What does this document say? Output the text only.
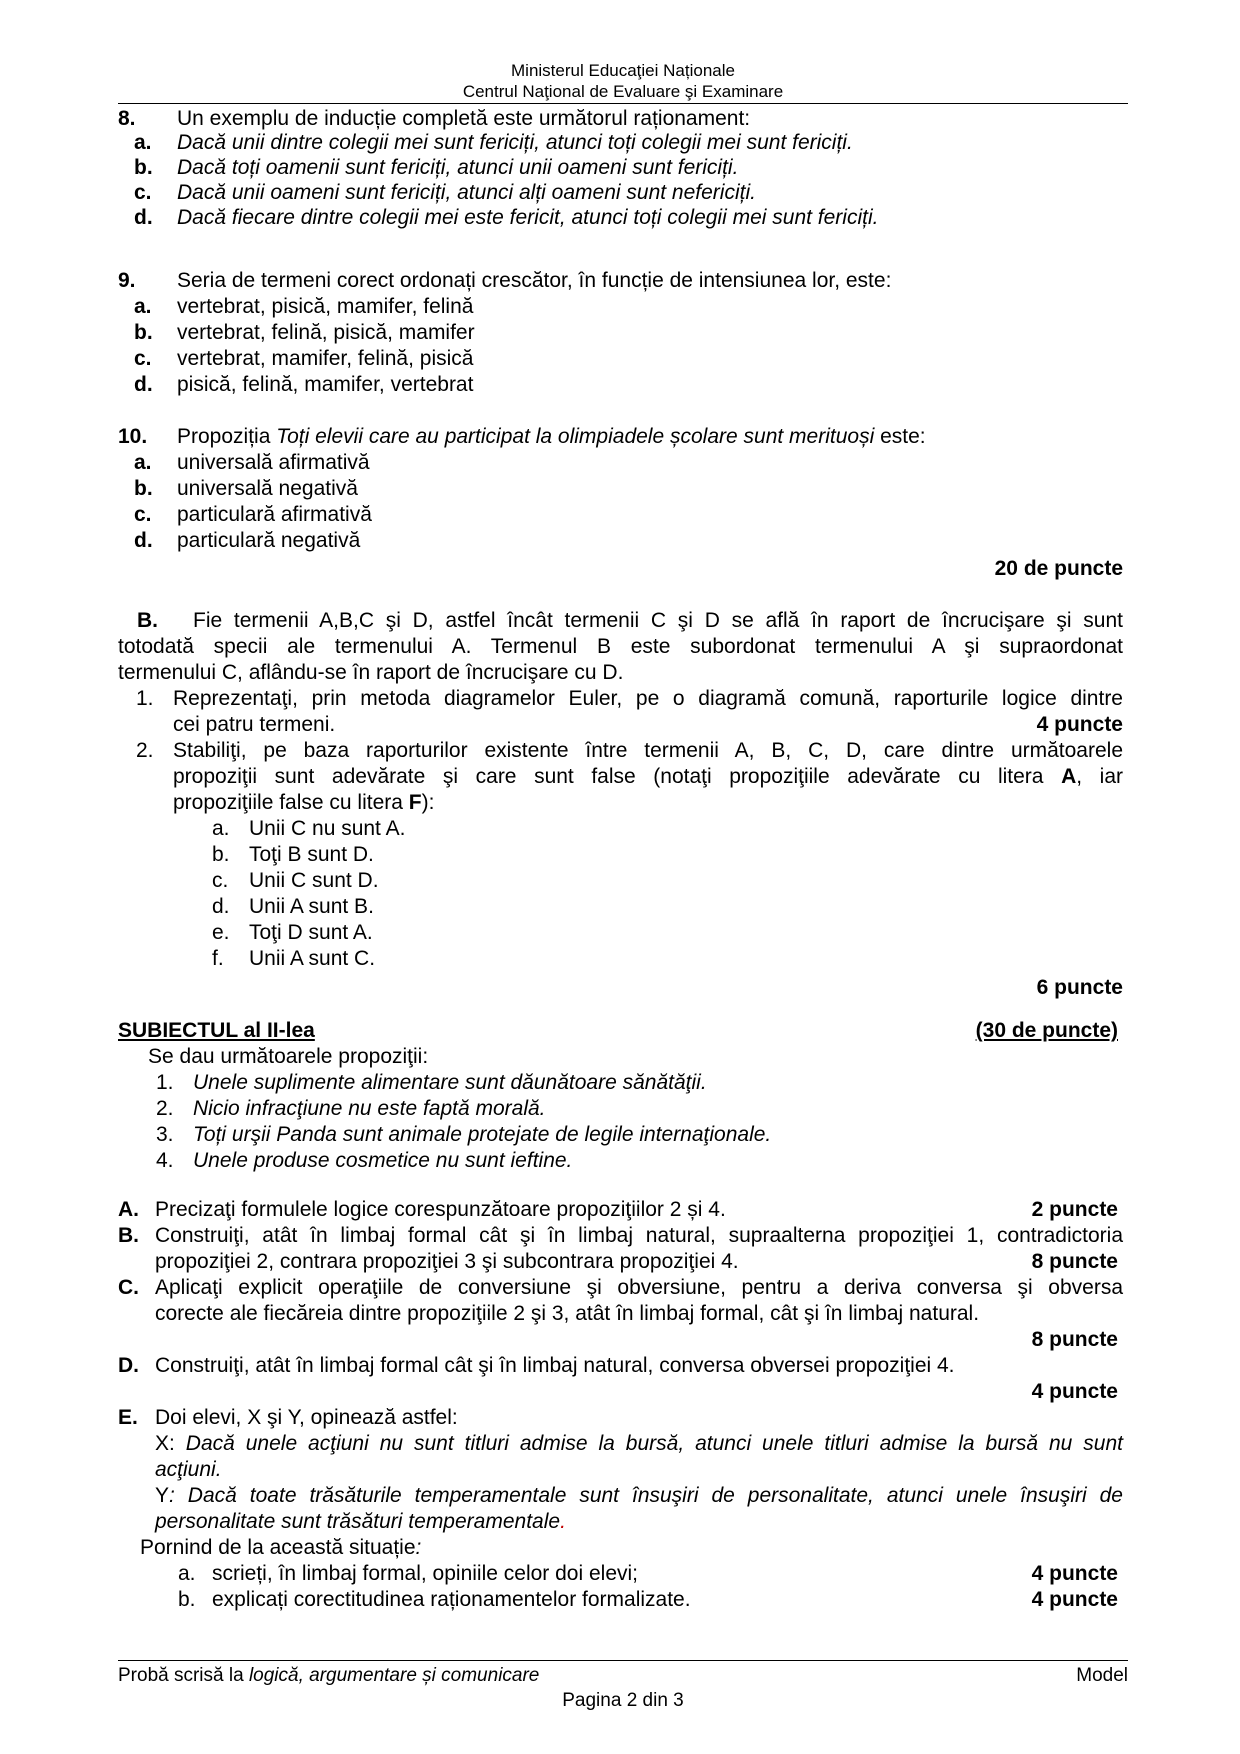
Ministerul Educaţiei Naționale
Centrul Naţional de Evaluare şi Examinare
8. Un exemplu de inducție completă este următorul raționament:
a. Dacă unii dintre colegii mei sunt fericiți, atunci toți colegii mei sunt fericiți.
b. Dacă toți oamenii sunt fericiți, atunci unii oameni sunt fericiți.
c. Dacă unii oameni sunt fericiți, atunci alți oameni sunt nefericiți.
d. Dacă fiecare dintre colegii mei este fericit, atunci toți colegii mei sunt fericiți.
9. Seria de termeni corect ordonați crescător, în funcție de intensiunea lor, este:
a. vertebrat, pisică, mamifer, felină
b. vertebrat, felină, pisică, mamifer
c. vertebrat, mamifer, felină, pisică
d. pisică, felină, mamifer, vertebrat
10. Propoziția Toți elevii care au participat la olimpiadele școlare sunt merituoși este:
a. universală afirmativă
b. universală negativă
c. particulară afirmativă
d. particulară negativă
20 de puncte
B. Fie termenii A,B,C şi D, astfel încât termenii C şi D se află în raport de încrucişare şi sunt
totodată specii ale termenului A. Termenul B este subordonat termenului A şi supraordonat
termenului C, aflându-se în raport de încrucişare cu D.
1. Reprezentaţi, prin metoda diagramelor Euler, pe o diagramă comună, raporturile logice dintre
cei patru termeni.	4 puncte
2. Stabiliţi, pe baza raporturilor existente între termenii A, B, C, D, care dintre următoarele
propoziţii sunt adevărate şi care sunt false (notaţi propoziţiile adevărate cu litera A, iar
propoziţiile false cu litera F):
a. Unii C nu sunt A.
b. Toţi B sunt D.
c. Unii C sunt D.
d. Unii A sunt B.
e. Toţi D sunt A.
f. Unii A sunt C.
6 puncte
SUBIECTUL al II-lea	(30 de puncte)
Se dau următoarele propoziţii:
1. Unele suplimente alimentare sunt dăunătoare sănătăţii.
2. Nicio infracţiune nu este faptă morală.
3. Toți urşii Panda sunt animale protejate de legile internaţionale.
4. Unele produse cosmetice nu sunt ieftine.
A. Precizaţi formulele logice corespunzătoare propoziţiilor 2 și 4.	2 puncte
B. Construiţi, atât în limbaj formal cât şi în limbaj natural, supraalterna propoziţiei 1, contradictoria
propoziţiei 2, contrara propoziţiei 3 şi subcontrara propoziţiei 4.	8 puncte
C. Aplicaţi explicit operaţiile de conversiune şi obversiune, pentru a deriva conversa şi obversa
corecte ale fiecăreia dintre propoziţiile 2 şi 3, atât în limbaj formal, cât şi în limbaj natural.
8 puncte
D. Construiţi, atât în limbaj formal cât şi în limbaj natural, conversa obversei propoziţiei 4.
4 puncte
E. Doi elevi, X şi Y, opinează astfel:
X: Dacă unele acţiuni nu sunt titluri admise la bursă, atunci unele titluri admise la bursă nu sunt
acţiuni.
Y: Dacă toate trăsăturile temperamentale sunt însuşiri de personalitate, atunci unele însuşiri de
personalitate sunt trăsături temperamentale.
Pornind de la această situație:
a. scrieți, în limbaj formal, opiniile celor doi elevi;	4 puncte
b. explicați corectitudinea raționamentelor formalizate.	4 puncte
Probă scrisă la logică, argumentare și comunicare	Model
Pagina 2 din 3
